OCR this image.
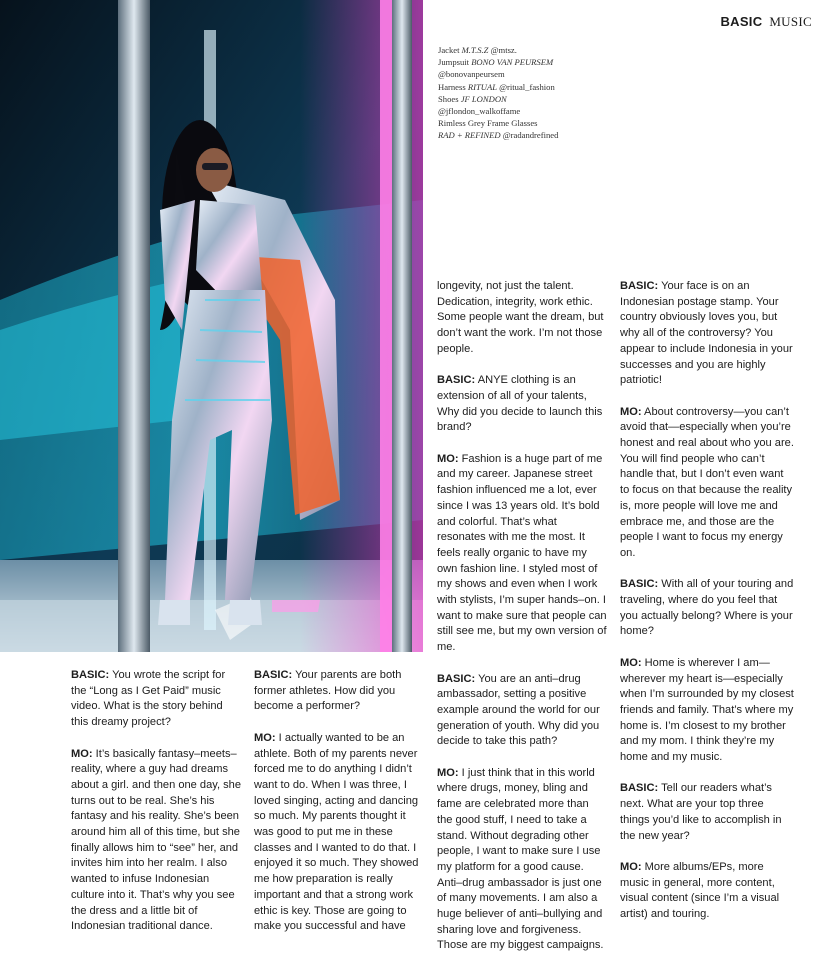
BASIC MUSIC
Jacket M.T.S.Z @mtsz.
Jumpsuit BONO VAN PEURSEM
@bonovanpeursem
Harness RITUAL @ritual_fashion
Shoes JF LONDON
@jflondon_walkoffame
Rimless Grey Frame Glasses
RAD + REFINED @radandrefined

BASIC: You wrote the script for the “Long as I Get Paid” music video. What is the story behind this dreamy project?

MO: It’s basically fantasy–meets–reality, where a guy had dreams about a girl. and then one day, she turns out to be real. She’s his fantasy and his reality. She’s been around him all of this time, but she finally allows him to “see” her, and invites him into her realm. I also wanted to infuse Indonesian culture into it. That’s why you see the dress and a little bit of Indonesian traditional dance.

BASIC: Your parents are both former athletes. How did you become a performer?

MO: I actually wanted to be an athlete. Both of my parents never forced me to do anything I didn’t want to do. When I was three, I loved singing, acting and dancing so much. My parents thought it was good to put me in these classes and I wanted to do that. I enjoyed it so much. They showed me how preparation is really important and that a strong work ethic is key. Those are going to make you successful and have

longevity, not just the talent. Dedication, integrity, work ethic. Some people want the dream, but don’t want the work. I’m not those people.

BASIC: ANYE clothing is an extension of all of your talents, Why did you decide to launch this brand?

MO: Fashion is a huge part of me and my career. Japanese street fashion influenced me a lot, ever since I was 13 years old. It’s bold and colorful. That’s what resonates with me the most. It feels really organic to have my own fashion line. I styled most of my shows and even when I work with stylists, I’m super hands–on. I want to make sure that people can still see me, but my own version of me.

BASIC: You are an anti–drug ambassador, setting a positive example around the world for our generation of youth. Why did you decide to take this path?

MO: I just think that in this world where drugs, money, bling and fame are celebrated more than the good stuff, I need to take a stand. Without degrading other people, I want to make sure I use my platform for a good cause. Anti–drug ambassador is just one of many movements. I am also a huge believer of anti–bullying and sharing love and forgiveness. Those are my biggest campaigns.

BASIC: Your face is on an Indonesian postage stamp. Your country obviously loves you, but why all of the controversy? You appear to include Indonesia in your successes and you are highly patriotic!

MO: About controversy—you can’t avoid that—especially when you’re honest and real about who you are. You will find people who can’t handle that, but I don’t even want to focus on that because the reality is, more people will love me and embrace me, and those are the people I want to focus my energy on.

BASIC: With all of your touring and traveling, where do you feel that you actually belong? Where is your home?

MO: Home is wherever I am—wherever my heart is—especially when I’m surrounded by my closest friends and family. That’s where my home is. I’m closest to my brother and my mom. I think they’re my home and my music.

BASIC: Tell our readers what’s next. What are your top three things you’d like to accomplish in the new year?

MO: More albums/EPs, more music in general, more content, visual content (since I’m a visual artist) and touring.
